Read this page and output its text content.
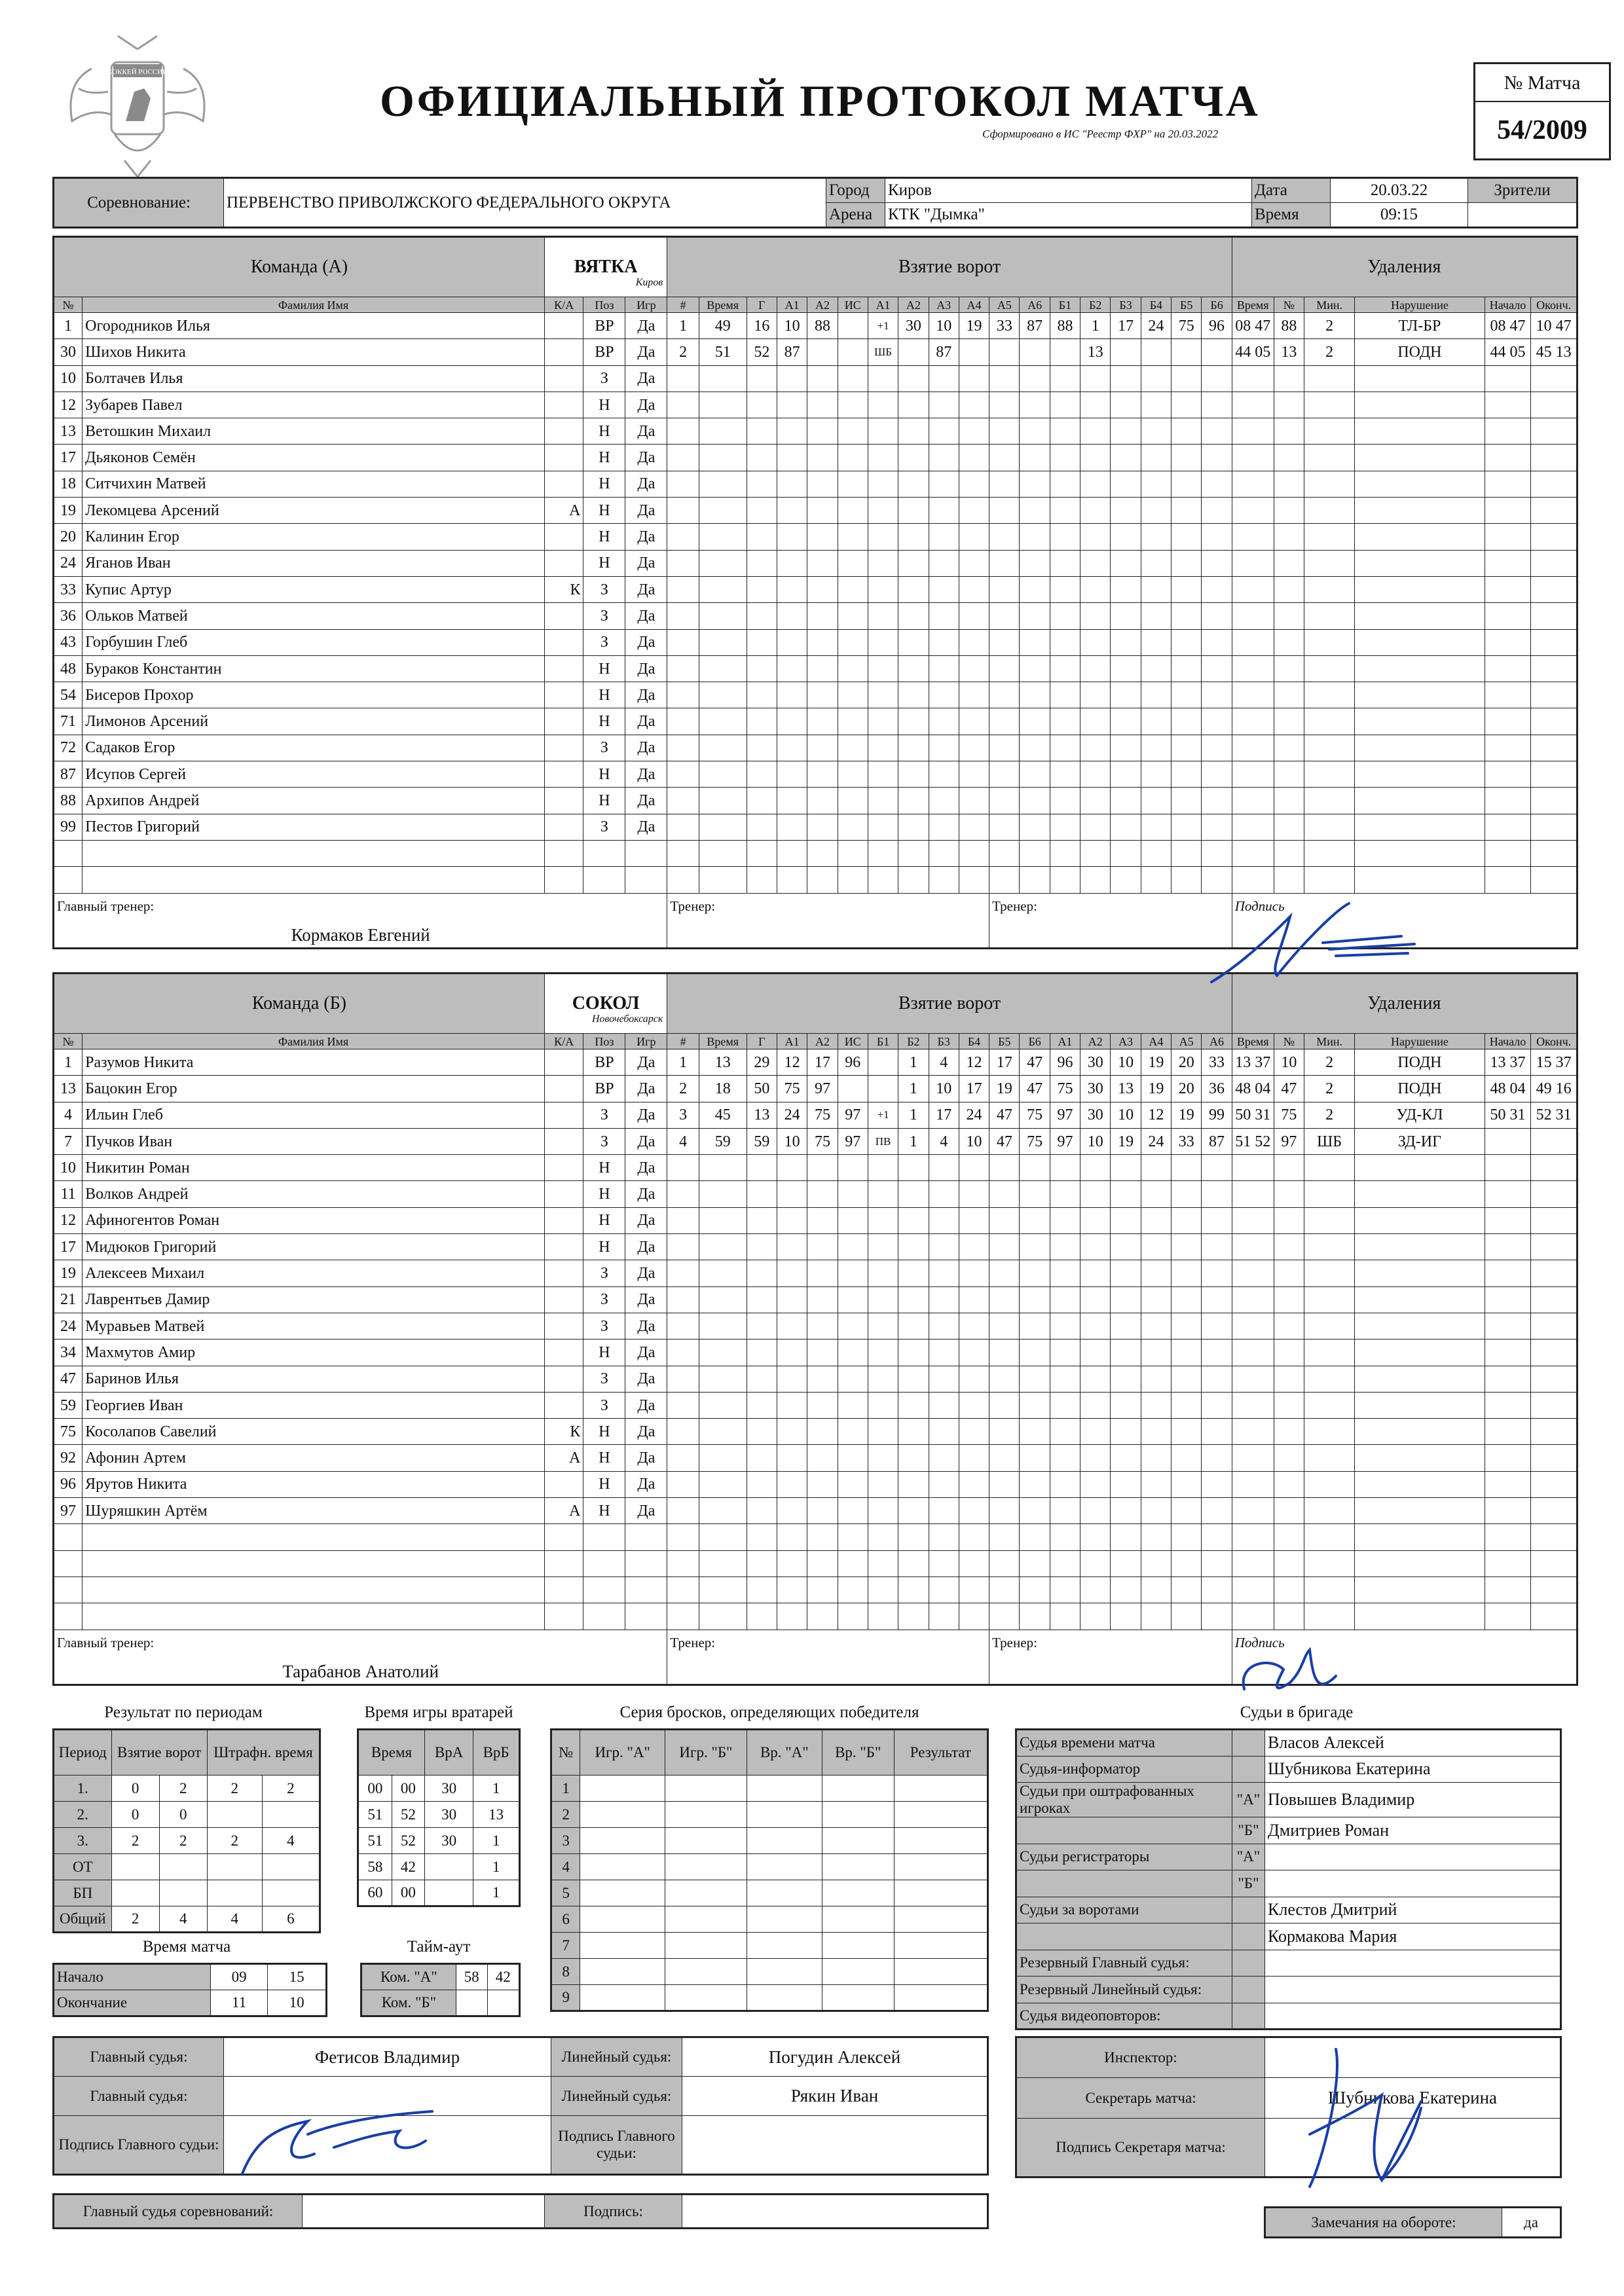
ХОККЕЙ РОССИИ
ОФИЦИАЛЬНЫЙ ПРОТОКОЛ МАТЧА
Сформировано в ИС "Реестр ФХР" на 20.03.2022
№ Матча
54/2009
Соревнование:	ПЕРВЕНСТВО ПРИВОЛЖСКОГО ФЕДЕРАЛЬНОГО ОКРУГА	Город	Киров	Дата	20.03.22	Зрители
		Арена	КТК "Дымка"	Время	09:15	
Команда (А)		ВЯТКА
Киров			Взятие ворот																		Удаления					
№	Фамилия Имя	К/А	Поз	Игр	#	Время	Г	А1	А2	ИС	А1	А2	А3	А4	А5	А6	Б1	Б2	Б3	Б4	Б5	Б6	Время	№	Мин.	Нарушение	Начало	Оконч.
1	Огородников Илья		ВР	Да	1	49	16	10	88		+1	30	10	19	33	87	88	1	17	24	75	96	08 47	88	2	ТЛ-БР	08 47	10 47
30	Шихов Никита		ВР	Да	2	51	52	87			ШБ		87					13					44 05	13	2	ПОДН	44 05	45 13
10	Болтачев Илья		З	Да																								
12	Зубарев Павел		Н	Да																								
13	Ветошкин Михаил		Н	Да																								
17	Дьяконов Семён		Н	Да																								
18	Ситчихин Матвей		Н	Да																								
19	Лекомцева Арсений	А	Н	Да																								
20	Калинин Егор		Н	Да																								
24	Яганов Иван		Н	Да																								
33	Купис Артур	К	З	Да																								
36	Ольков Матвей		З	Да																								
43	Горбушин Глеб		З	Да																								
48	Бураков Константин		Н	Да																								
54	Бисеров Прохор		Н	Да																								
71	Лимонов Арсений		Н	Да																								
72	Садаков Егор		З	Да																								
87	Исупов Сергей		Н	Да																								
88	Архипов Андрей		Н	Да																								
99	Пестов Григорий		З	Да																								

Главный тренер:
Кормаков Евгений					Тренер:										Тренер:								Подпись					
Команда (Б)		СОКОЛ
Новочебоксарск			Взятие ворот																		Удаления					
№	Фамилия Имя	К/А	Поз	Игр	#	Время	Г	А1	А2	ИС	Б1	Б2	Б3	Б4	Б5	Б6	А1	А2	А3	А4	А5	А6	Время	№	Мин.	Нарушение	Начало	Оконч.
1	Разумов Никита		ВР	Да	1	13	29	12	17	96		1	4	12	17	47	96	30	10	19	20	33	13 37	10	2	ПОДН	13 37	15 37
13	Бацокин Егор		ВР	Да	2	18	50	75	97			1	10	17	19	47	75	30	13	19	20	36	48 04	47	2	ПОДН	48 04	49 16
4	Ильин Глеб		З	Да	3	45	13	24	75	97	+1	1	17	24	47	75	97	30	10	12	19	99	50 31	75	2	УД-КЛ	50 31	52 31
7	Пучков Иван		З	Да	4	59	59	10	75	97	ПВ	1	4	10	47	75	97	10	19	24	33	87	51 52	97	ШБ	ЗД-ИГ		
10	Никитин Роман		Н	Да																								
11	Волков Андрей		Н	Да																								
12	Афиногентов Роман		Н	Да																								
17	Мидюков Григорий		Н	Да																								
19	Алексеев Михаил		З	Да																								
21	Лаврентьев Дамир		З	Да																								
24	Муравьев Матвей		З	Да																								
34	Махмутов Амир		Н	Да																								
47	Баринов Илья		З	Да																								
59	Георгиев Иван		З	Да																								
75	Косолапов Савелий	К	Н	Да																								
92	Афонин Артем	А	Н	Да																								
96	Ярутов Никита		Н	Да																								
97	Шуряшкин Артём	А	Н	Да																								

Главный тренер:
Тарабанов Анатолий					Тренер:										Тренер:								Подпись					
Результат по периодам
Период	Взятие ворот		Штрафн. время	
1.	0	2	2	2
2.	0	0		
3.	2	2	2	4
ОТ				
БП				
Общий	2	4	4	6
Время игры вратарей
Время		ВрА	ВрБ
00	00	30	1
51	52	30	13
51	52	30	1
58	42		1
60	00		1
Время матча
Начало	09	15
Окончание	11	10
Тайм-аут
Ком. "А"	58	42
Ком. "Б"		
Серия бросков, определяющих победителя
№	Игр. "А"	Игр. "Б"	Вр. "А"	Вр. "Б"	Результат
1					
2					
3					
4					
5					
6					
7					
8					
9					
Судьи в бригаде
Судья времени матча		Власов Алексей
Судья-информатор		Шубникова Екатерина
Судьи при оштрафованных игроках	"А"	Повышев Владимир
	"Б"	Дмитриев Роман
Судьи регистраторы	"А"	
	"Б"	
Судьи за воротами		Клестов Дмитрий
		Кормакова Мария
Резервный Главный судья:		
Резервный Линейный судья:		
Судья видеоповторов:		
Главный судья:	Фетисов Владимир	Линейный судья:	Погудин Алексей
Главный судья:		Линейный судья:	Рякин Иван
Подпись Главного судьи:		Подпись Главного судьи:	
Главный судья соревнований:		Подпись:	
Инспектор:	
Секретарь матча:	Шубникова Екатерина
Подпись Секретаря матча:	
Замечания на обороте:	да
